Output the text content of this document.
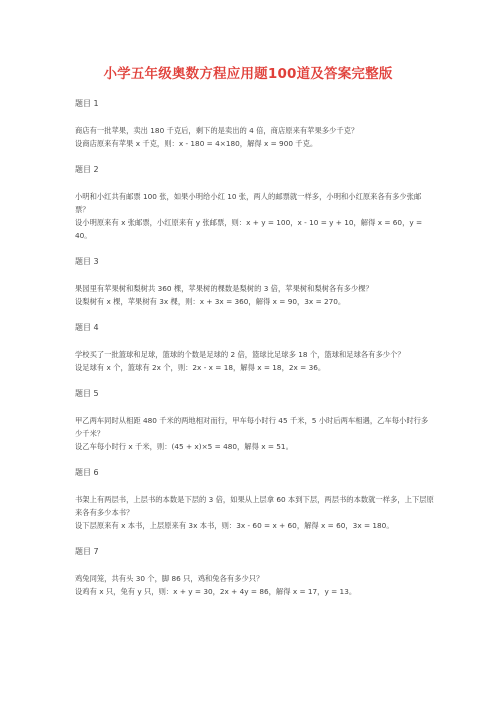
小学五年级奥数方程应用题100道及答案完整版
题目 1
商店有一批苹果，卖出 180 千克后，剩下的是卖出的 4 倍，商店原来有苹果多少千克？
设商店原来有苹果 x 千克，则：x - 180 = 4×180，解得 x = 900 千克。
题目 2
小明和小红共有邮票 100 张，如果小明给小红 10 张，两人的邮票就一样多，小明和小红原来各有多少张邮票？
设小明原来有 x 张邮票，小红原来有 y 张邮票，则：x + y = 100，x - 10 = y + 10，解得 x = 60，y = 40。
题目 3
果园里有苹果树和梨树共 360 棵，苹果树的棵数是梨树的 3 倍，苹果树和梨树各有多少棵？
设梨树有 x 棵，苹果树有 3x 棵，则：x + 3x = 360，解得 x = 90，3x = 270。
题目 4
学校买了一批篮球和足球，篮球的个数是足球的 2 倍，篮球比足球多 18 个，篮球和足球各有多少个？
设足球有 x 个，篮球有 2x 个，则：2x - x = 18，解得 x = 18，2x = 36。
题目 5
甲乙两车同时从相距 480 千米的两地相对而行，甲车每小时行 45 千米，5 小时后两车相遇，乙车每小时行多少千米？
设乙车每小时行 x 千米，则：(45 + x)×5 = 480，解得 x = 51。
题目 6
书架上有两层书，上层书的本数是下层的 3 倍，如果从上层拿 60 本到下层，两层书的本数就一样多，上下层原来各有多少本书？
设下层原来有 x 本书，上层原来有 3x 本书，则：3x - 60 = x + 60，解得 x = 60，3x = 180。
题目 7
鸡兔同笼，共有头 30 个，脚 86 只，鸡和兔各有多少只？
设鸡有 x 只，兔有 y 只，则：x + y = 30，2x + 4y = 86，解得 x = 17，y = 13。
